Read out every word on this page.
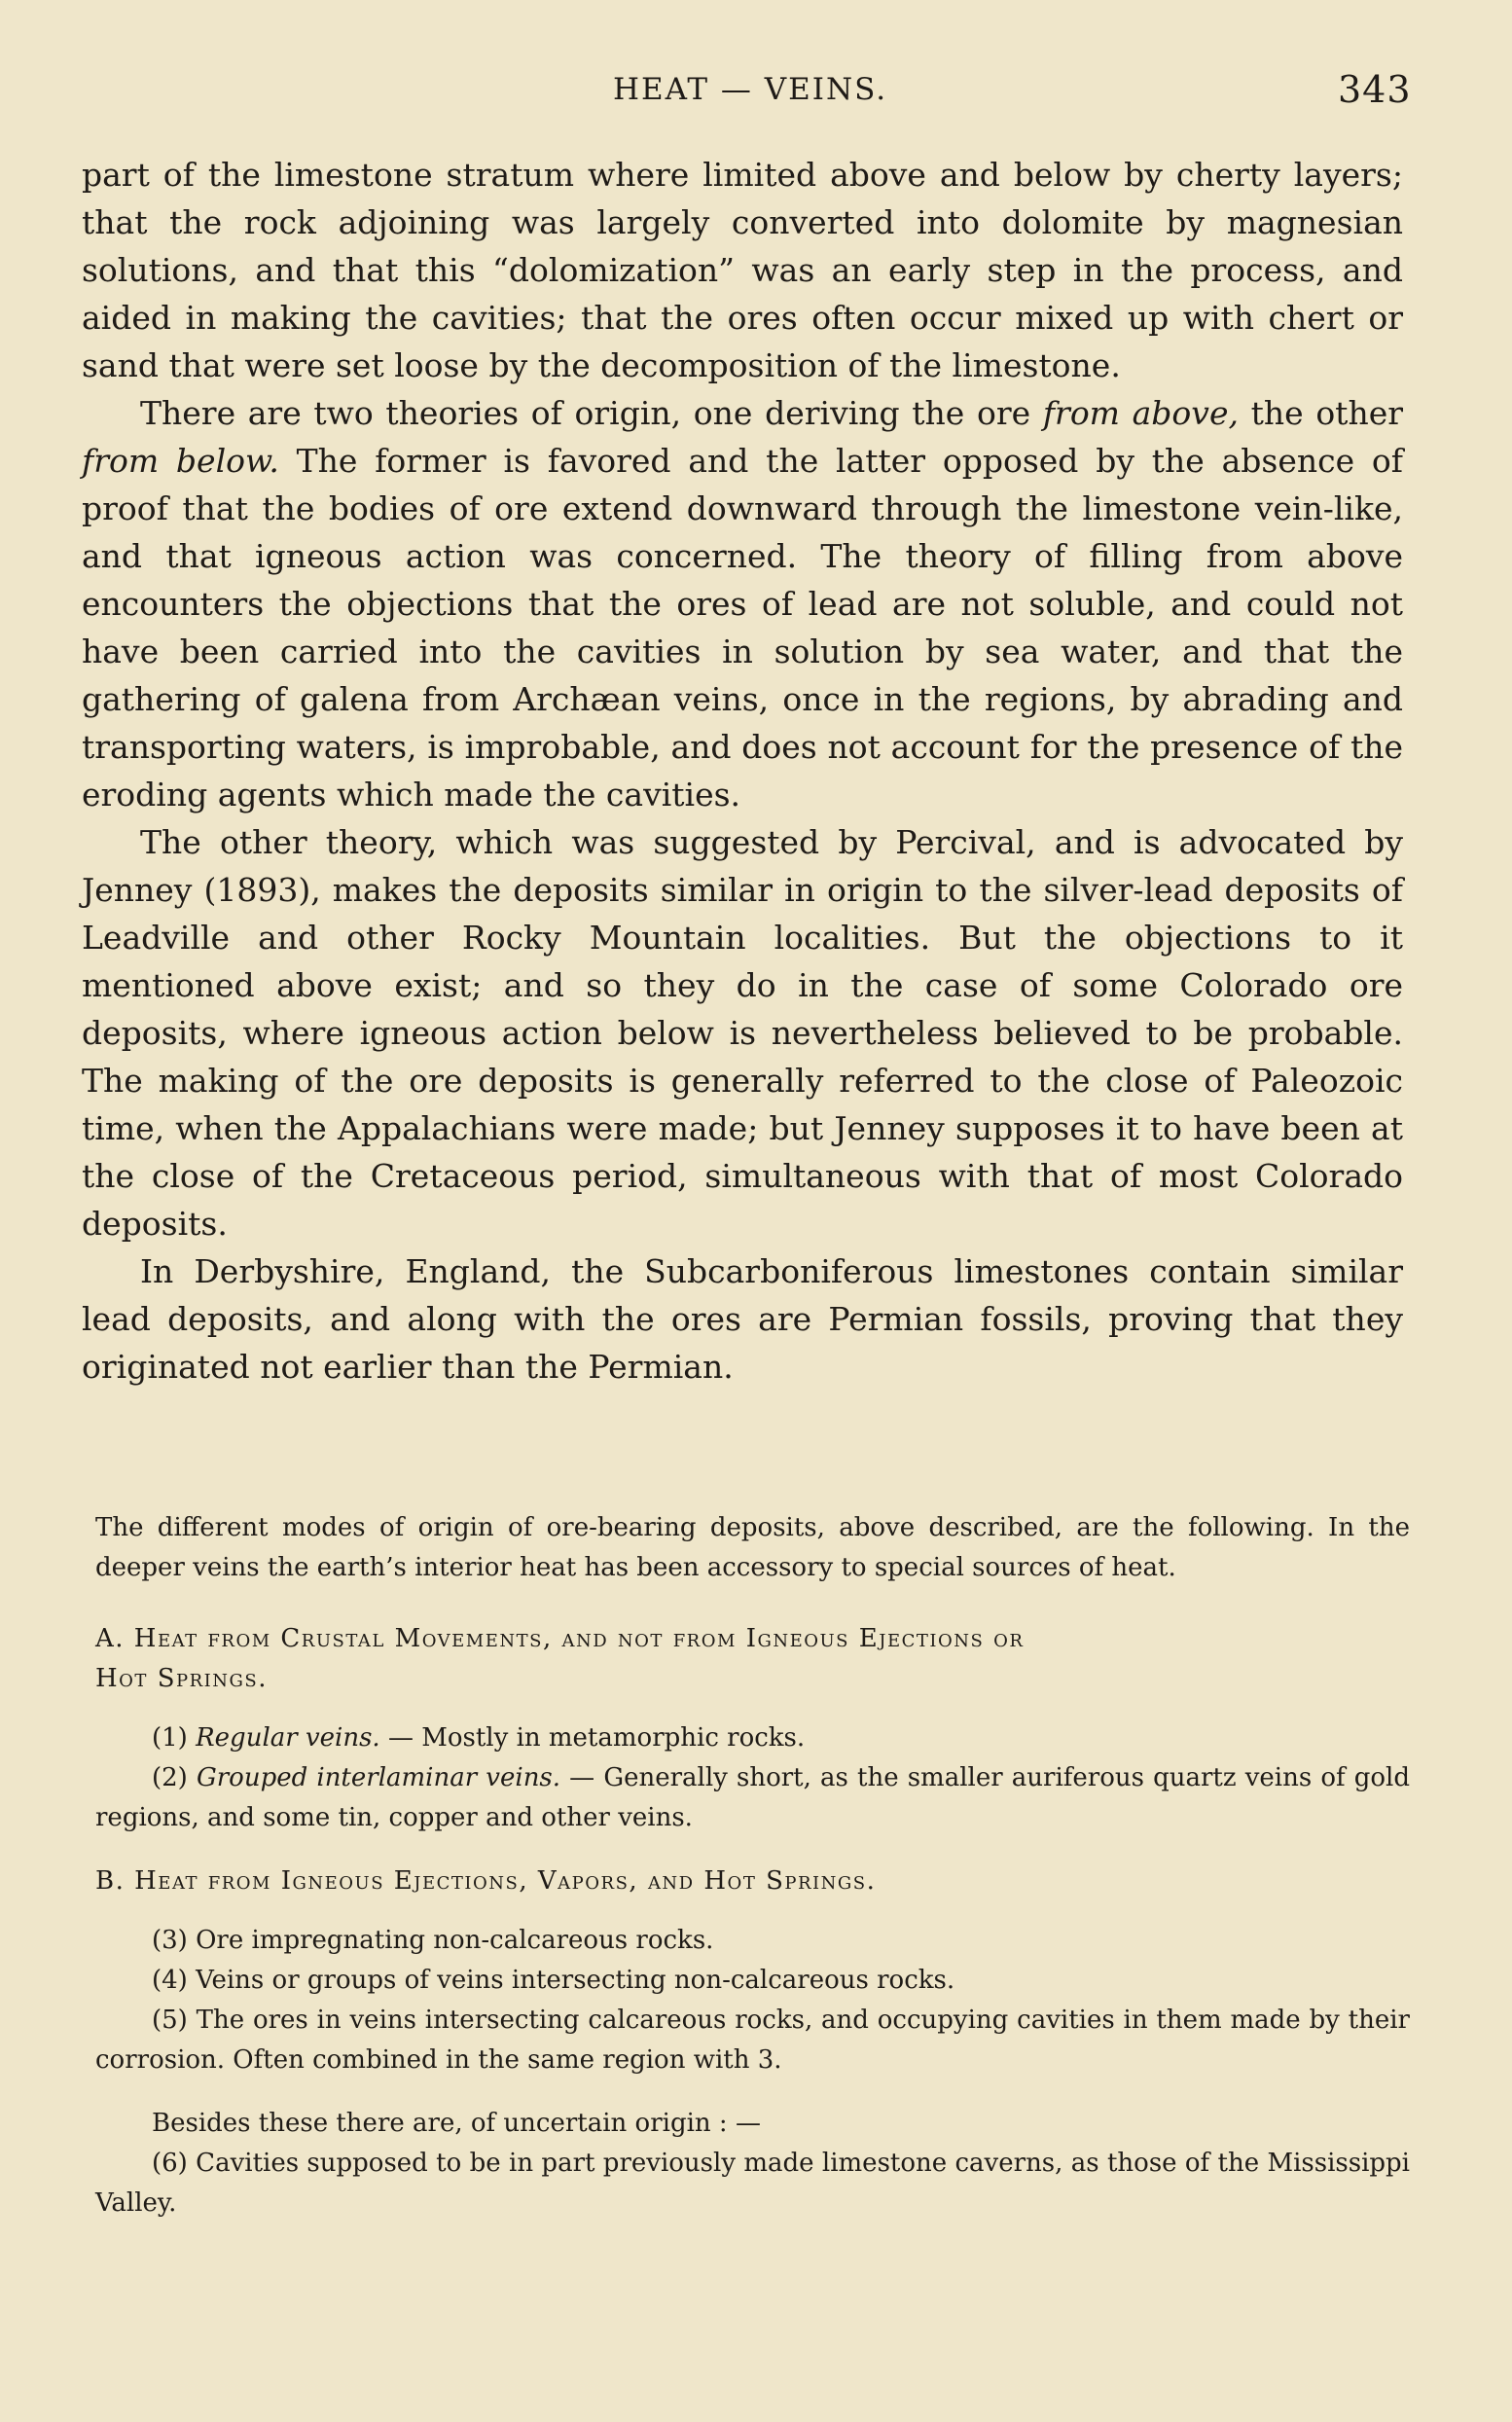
HEAT — VEINS.	343

part of the limestone stratum where limited above and below by cherty layers; that the rock adjoining was largely converted into dolomite by magnesian solutions, and that this “dolomization” was an early step in the process, and aided in making the cavities; that the ores often occur mixed up with chert or sand that were set loose by the decomposition of the limestone.

There are two theories of origin, one deriving the ore from above, the other from below. The former is favored and the latter opposed by the absence of proof that the bodies of ore extend downward through the limestone vein-like, and that igneous action was concerned. The theory of filling from above encounters the objections that the ores of lead are not soluble, and could not have been carried into the cavities in solution by sea water, and that the gathering of galena from Archæan veins, once in the regions, by abrading and transporting waters, is improbable, and does not account for the presence of the eroding agents which made the cavities.

The other theory, which was suggested by Percival, and is advocated by Jenney (1893), makes the deposits similar in origin to the silver-lead deposits of Leadville and other Rocky Mountain localities. But the objections to it mentioned above exist; and so they do in the case of some Colorado ore deposits, where igneous action below is nevertheless believed to be probable. The making of the ore deposits is generally referred to the close of Paleozoic time, when the Appalachians were made; but Jenney supposes it to have been at the close of the Cretaceous period, simultaneous with that of most Colorado deposits.

In Derbyshire, England, the Subcarboniferous limestones contain similar lead deposits, and along with the ores are Permian fossils, proving that they originated not earlier than the Permian.

The different modes of origin of ore-bearing deposits, above described, are the following. In the deeper veins the earth’s interior heat has been accessory to special sources of heat.

A. Heat from Crustal Movements, and not from Igneous Ejections or

Hot Springs.

(1) Regular veins. — Mostly in metamorphic rocks.

(2) Grouped interlaminar veins. — Generally short, as the smaller auriferous quartz veins of gold regions, and some tin, copper and other veins.

B. Heat from Igneous Ejections, Vapors, and Hot Springs.

(3) Ore impregnating non-calcareous rocks.

(4) Veins or groups of veins intersecting non-calcareous rocks.

(5) The ores in veins intersecting calcareous rocks, and occupying cavities in them made by their corrosion. Often combined in the same region with 3.

Besides these there are, of uncertain origin : —

(6) Cavities supposed to be in part previously made limestone caverns, as those of the Mississippi Valley.
